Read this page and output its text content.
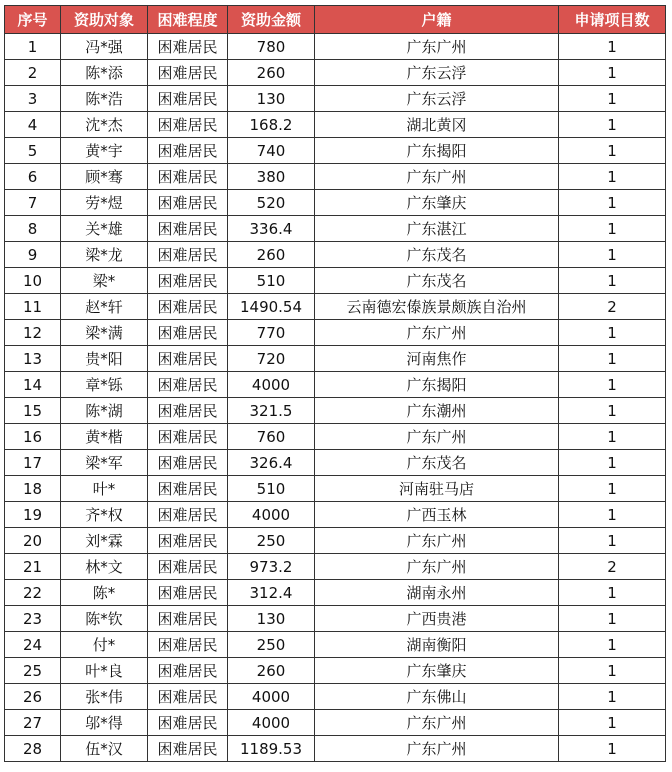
序号	资助对象	困难程度	资助金额	户籍	申请项目数
1	冯*强	困难居民	780	广东广州	1
2	陈*添	困难居民	260	广东云浮	1
3	陈*浩	困难居民	130	广东云浮	1
4	沈*杰	困难居民	168.2	湖北黄冈	1
5	黄*宇	困难居民	740	广东揭阳	1
6	顾*骞	困难居民	380	广东广州	1
7	劳*煜	困难居民	520	广东肇庆	1
8	关*雄	困难居民	336.4	广东湛江	1
9	梁*龙	困难居民	260	广东茂名	1
10	梁*	困难居民	510	广东茂名	1
11	赵*轩	困难居民	1490.54	云南德宏傣族景颇族自治州	2
12	梁*满	困难居民	770	广东广州	1
13	贵*阳	困难居民	720	河南焦作	1
14	章*铄	困难居民	4000	广东揭阳	1
15	陈*湖	困难居民	321.5	广东潮州	1
16	黄*楷	困难居民	760	广东广州	1
17	梁*军	困难居民	326.4	广东茂名	1
18	叶*	困难居民	510	河南驻马店	1
19	齐*权	困难居民	4000	广西玉林	1
20	刘*霖	困难居民	250	广东广州	1
21	林*文	困难居民	973.2	广东广州	2
22	陈*	困难居民	312.4	湖南永州	1
23	陈*钦	困难居民	130	广西贵港	1
24	付*	困难居民	250	湖南衡阳	1
25	叶*良	困难居民	260	广东肇庆	1
26	张*伟	困难居民	4000	广东佛山	1
27	邬*得	困难居民	4000	广东广州	1
28	伍*汉	困难居民	1189.53	广东广州	1
